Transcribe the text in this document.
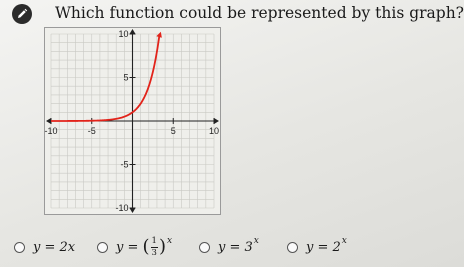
Which function could be represented by this graph?
-10	-5	5	10
10
5
-5
-10
y =
2 x	y =
( $\frac{1}{3}$ ) x	y =
3 x	y =
2 x
